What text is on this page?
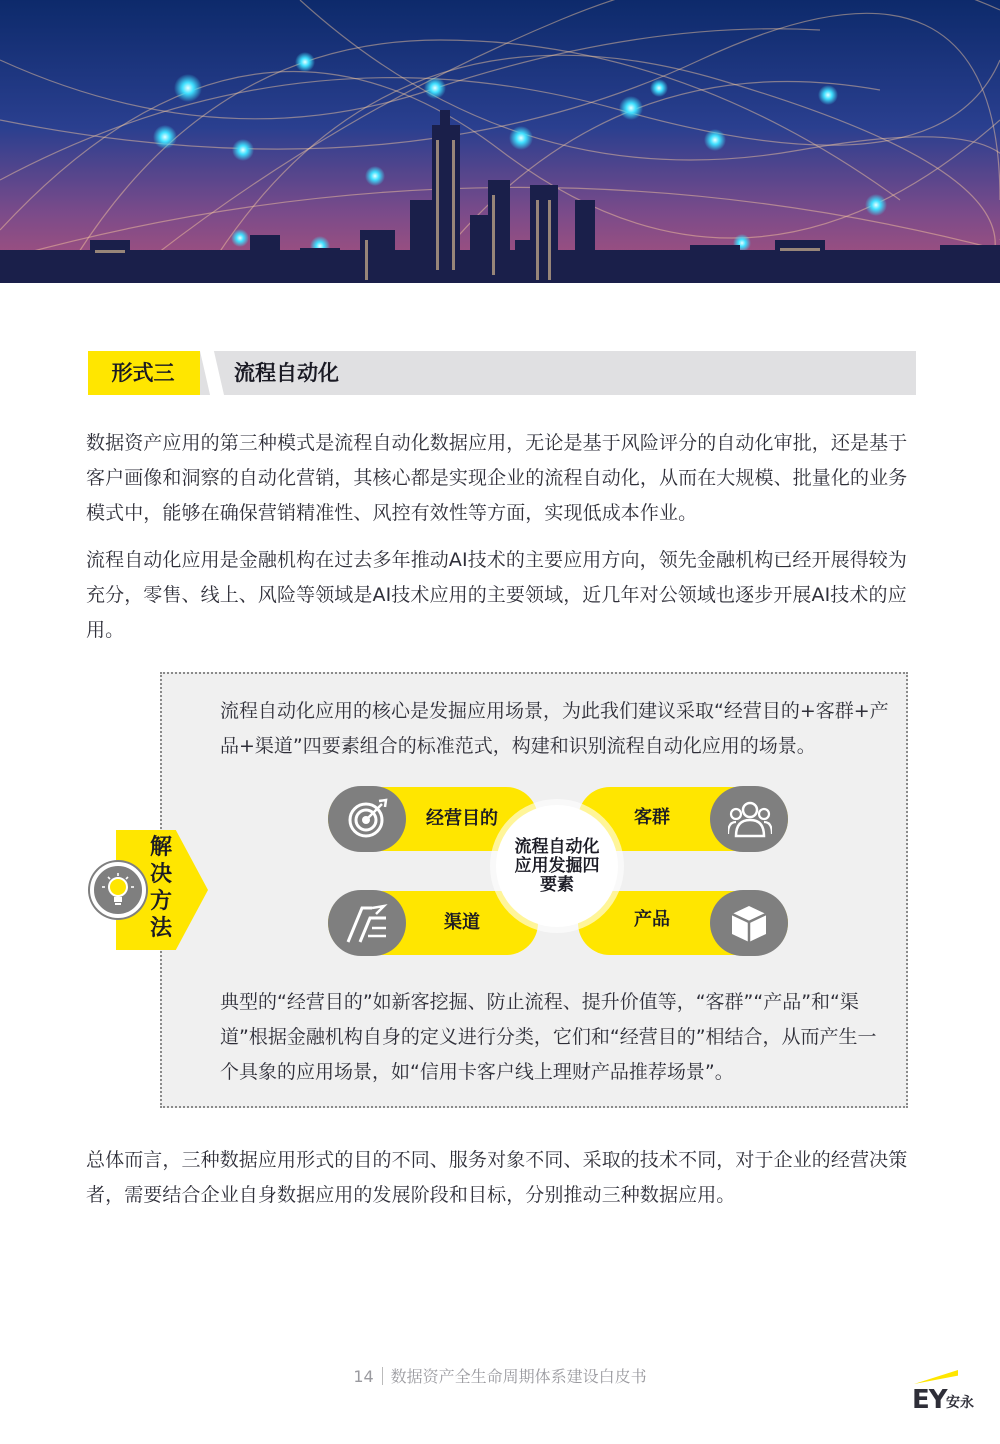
形式三	流程自动化

数据资产应用的第三种模式是流程自动化数据应用，无论是基于风险评分的自动化审批，还是基于客户画像和洞察的自动化营销，其核心都是实现企业的流程自动化，从而在大规模、批量化的业务模式中，能够在确保营销精准性、风控有效性等方面，实现低成本作业。

流程自动化应用是金融机构在过去多年推动AI技术的主要应用方向，领先金融机构已经开展得较为充分，零售、线上、风险等领域是AI技术应用的主要领域，近几年对公领域也逐步开展AI技术的应用。

流程自动化应用的核心是发掘应用场景，为此我们建议采取“经营目的+客群+产品+渠道”四要素组合的标准范式，构建和识别流程自动化应用的场景。

解决方法
经营目的	客群
渠道	产品
流程自动化应用发掘四要素

典型的“经营目的”如新客挖掘、防止流程、提升价值等，“客群”“产品”和“渠道”根据金融机构自身的定义进行分类，它们和“经营目的”相结合，从而产生一个具象的应用场景，如“信用卡客户线上理财产品推荐场景”。

总体而言，三种数据应用形式的目的不同、服务对象不同、采取的技术不同，对于企业的经营决策者，需要结合企业自身数据应用的发展阶段和目标，分别推动三种数据应用。

14 数据资产全生命周期体系建设白皮书
EY 安永
